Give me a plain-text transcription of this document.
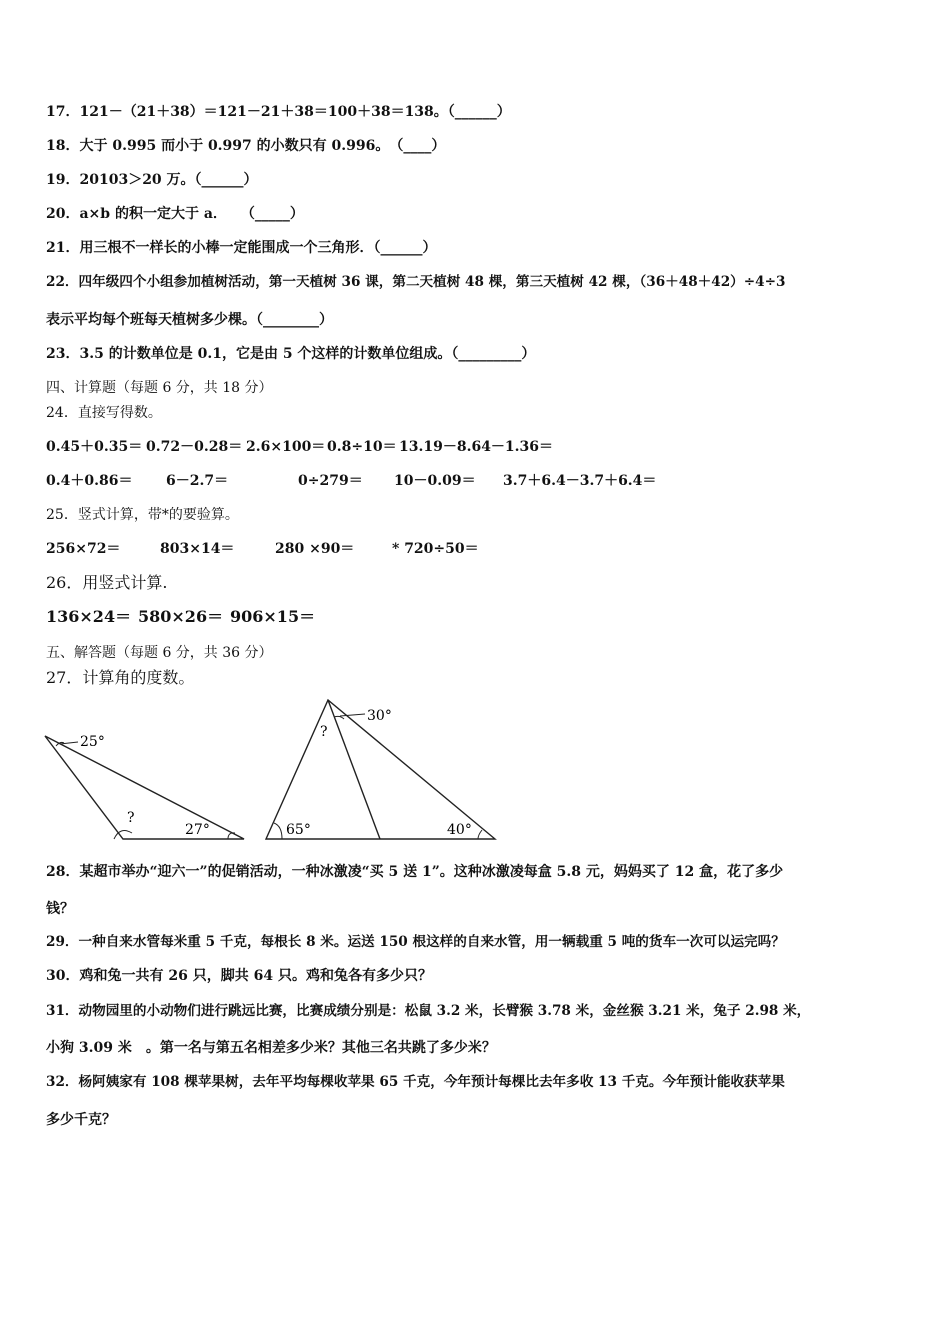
17．121－（21＋38）＝121－21＋38＝100＋38＝138。（______）
18．大于 0.995 而小于 0.997 的小数只有 0.996。　（____）
19．20103＞20 万。（______）
20．a×b 的积一定大于 a．　　（_____）
21．用三根不一样长的小棒一定能围成一个三角形．（______）
22．四年级四个小组参加植树活动，第一天植树 36 课，第二天植树 48 棵，第三天植树 42 棵，（36＋48＋42）÷4÷3
表示平均每个班每天植树多少棵。（________）
23．3.5 的计数单位是 0.1，它是由 5 个这样的计数单位组成。（_________）
四、计算题（每题 6 分，共 18 分）
24．直接写得数。
0.45＋0.35＝ 0.72－0.28＝ 2.6×100＝ 0.8÷10＝ 13.19－8.64－1.36＝
0.4＋0.86＝ 6－2.7＝	0÷279＝ 10－0.09＝ 3.7＋6.4－3.7＋6.4＝
25．竖式计算，带*的要验算。
256×72＝	803×14＝	280 ×90＝	* 720÷50＝
26．用竖式计算.
136×24＝ 580×26＝ 906×15＝
五、解答题（每题 6 分，共 36 分）
27．计算角的度数。
25°
?
27°
30°
?
65°	40°
28．某超市举办“迎六一”的促销活动，一种冰激凌“买 5 送 1”。这种冰激凌每盒 5.8 元，妈妈买了 12 盒，花了多少
钱？
29．一种自来水管每米重 5 千克，每根长 8 米。运送 150 根这样的自来水管，用一辆载重 5 吨的货车一次可以运完吗？
30．鸡和兔一共有 26 只，脚共 64 只。鸡和兔各有多少只？
31．动物园里的小动物们进行跳远比赛，比赛成绩分别是：松鼠 3.2 米，长臂猴 3.78 米，金丝猴 3.21 米，兔子 2.98 米，
小狗 3.09 米　。第一名与第五名相差多少米？其他三名共跳了多少米？
32．杨阿姨家有 108 棵苹果树，去年平均每棵收苹果 65 千克，今年预计每棵比去年多收 13 千克。今年预计能收获苹果
多少千克？
